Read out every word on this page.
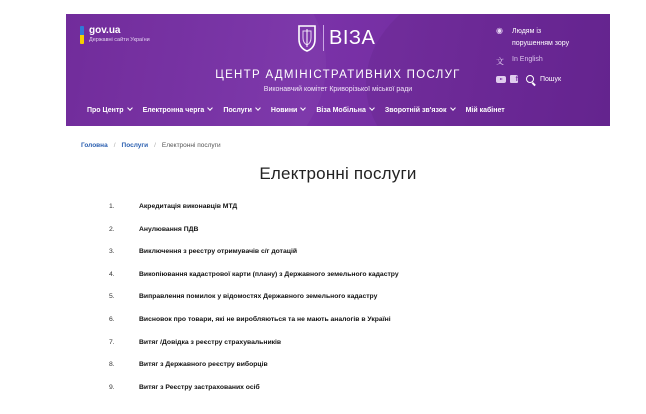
gov.ua
Державні сайти України	ВІЗА
ЦЕНТР АДМІНІСТРАТИВНИХ ПОСЛУГ
Виконавчий комітет Криворізької міської ради
◉	Людям із
порушенням зору
文	In English
f	Пошук
Про Центр	Електронна черга	Послуги	Новини	Віза Мобільна	Зворотній зв'язок	Мій кабінет
Головна / Послуги / Електронні послуги
Електронні послуги
1.	Акредитація виконавців МТД
2.	Анулювання ПДВ
3.	Виключення з реєстру отримувачів с/г дотацій
4.	Викопіювання кадастрової карти (плану) з Державного земельного кадастру
5.	Виправлення помилок у відомостях Державного земельного кадастру
6.	Висновок про товари, які не виробляються та не мають аналогів в Україні
7.	Витяг /Довідка з реєстру страхувальників
8.	Витяг з Державного реєстру виборців
9.	Витяг з Реєстру застрахованих осіб
